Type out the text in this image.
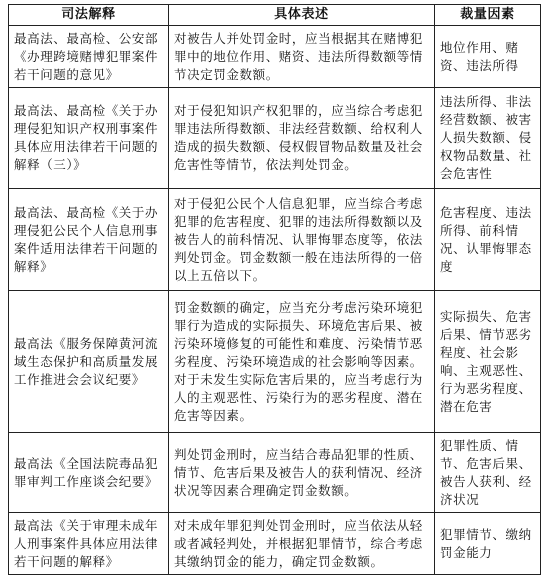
司法解释	具体表述	裁量因素
最高法、最高检、公安部《办理跨境赌博犯罪案件若干问题的意见》	对被告人并处罚金时，应当根据其在赌博犯罪中的地位作用、赌资、违法所得数额等情节决定罚金数额。	地位作用、赌资、违法所得
最高法、最高检《关于办理侵犯知识产权刑事案件具体应用法律若干问题的解释（三）》	对于侵犯知识产权犯罪的，应当综合考虑犯罪违法所得数额、非法经营数额、给权利人造成的损失数额、侵权假冒物品数量及社会危害性等情节，依法判处罚金。	违法所得、非法经营数额、被害人损失数额、侵权物品数量、社会危害性
最高法、最高检《关于办理侵犯公民个人信息刑事案件适用法律若干问题的解释》	对于侵犯公民个人信息犯罪，应当综合考虑犯罪的危害程度、犯罪的违法所得数额以及被告人的前科情况、认罪悔罪态度等，依法判处罚金。罚金数额一般在违法所得的一倍以上五倍以下。	危害程度、违法所得、前科情况、认罪悔罪态度
最高法《服务保障黄河流域生态保护和高质量发展工作推进会会议纪要》	罚金数额的确定，应当充分考虑污染环境犯罪行为造成的实际损失、环境危害后果、被污染环境修复的可能性和难度、污染情节恶劣程度、污染环境造成的社会影响等因素。对于未发生实际危害后果的，应当考虑行为人的主观恶性、污染行为的恶劣程度、潜在危害等因素。	实际损失、危害后果、情节恶劣程度、社会影响、主观恶性、行为恶劣程度、潜在危害
最高法《全国法院毒品犯罪审判工作座谈会纪要》	判处罚金刑时，应当结合毒品犯罪的性质、情节、危害后果及被告人的获利情况、经济状况等因素合理确定罚金数额。	犯罪性质、情节、危害后果、被告人获利、经济状况
最高法《关于审理未成年人刑事案件具体应用法律若干问题的解释》	对未成年罪犯判处罚金刑时，应当依法从轻或者减轻判处，并根据犯罪情节，综合考虑其缴纳罚金的能力，确定罚金数额。	犯罪情节、缴纳罚金能力
